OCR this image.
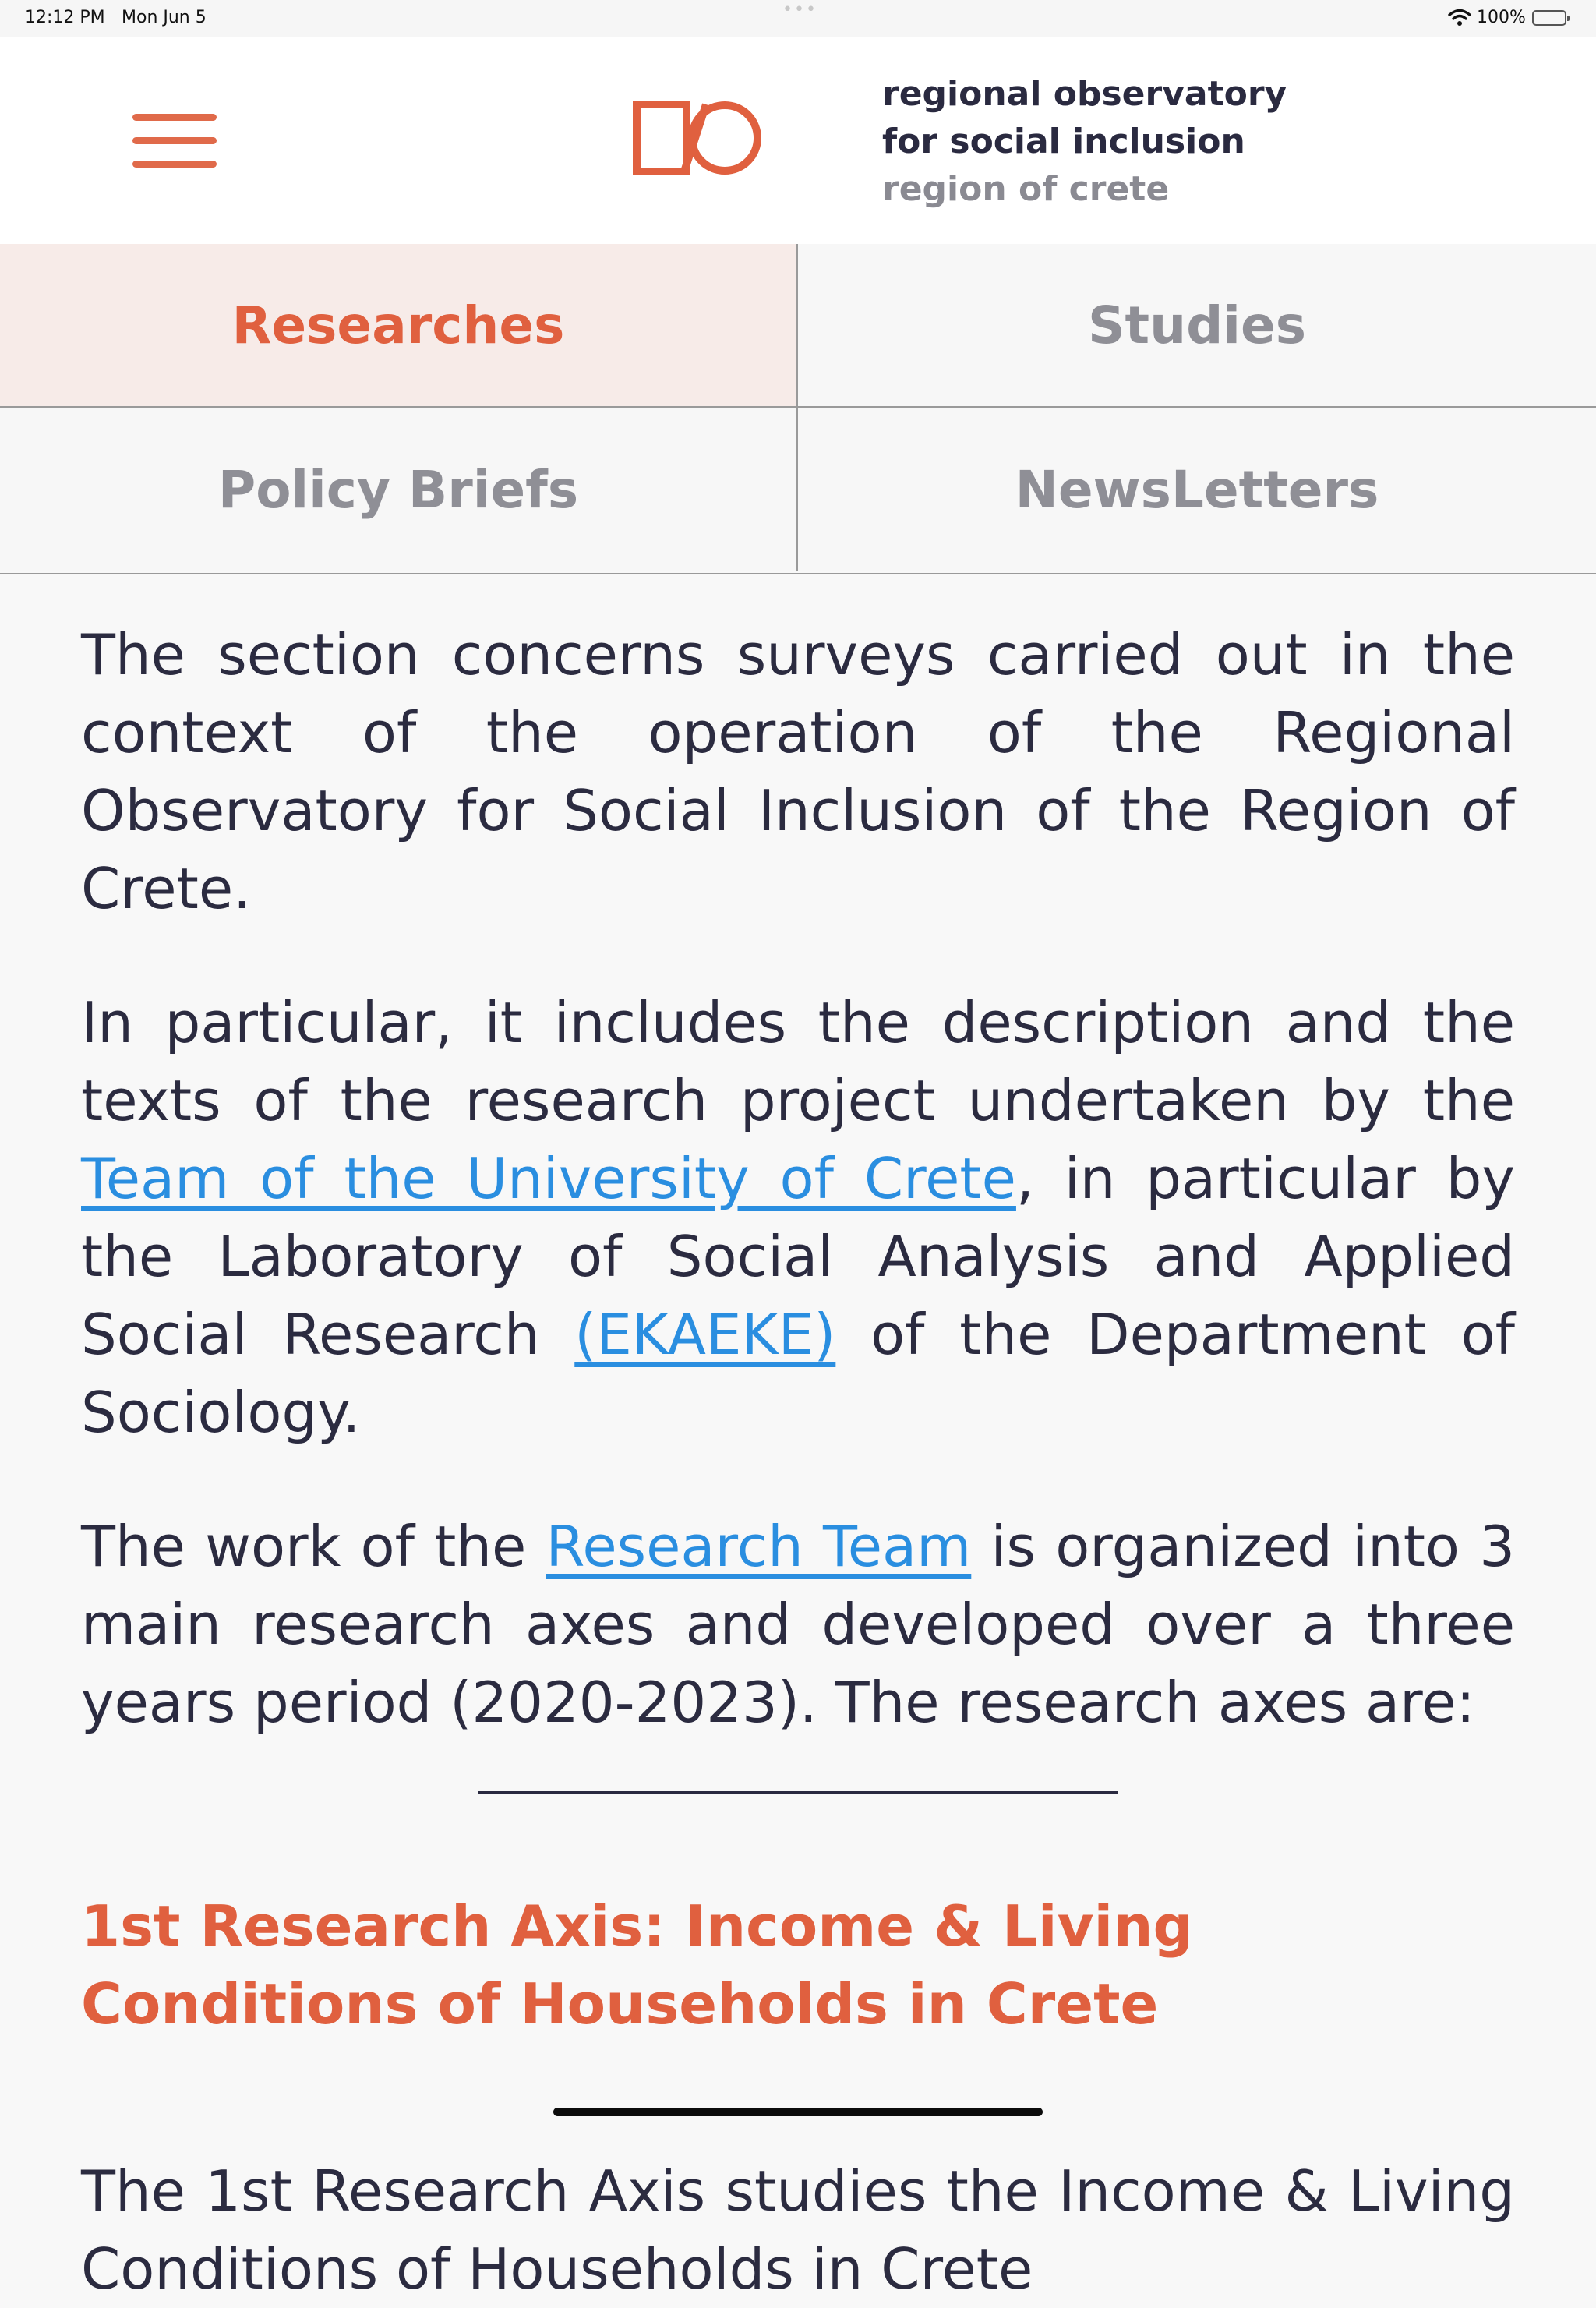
12:12 PM Mon Jun 5	•••	100%
regional observatory
for social inclusion
region of crete
Researches	Studies
Policy Briefs	NewsLetters

The section concerns surveys carried out in the context of the operation of the Regional Observatory for Social Inclusion of the Region of Crete.

In particular, it includes the description and the texts of the research project undertaken by the Team of the University of Crete, in particular by the Laboratory of Social Analysis and Applied Social Research (EKAEKE) of the Department of Sociology.

The work of the Research Team is organized into 3 main research axes and developed over a three years period (2020-2023). The research axes are:

1st Research Axis: Income & Living Conditions of Households in Crete

The 1st Research Axis studies the Income & Living Conditions of Households in Crete
